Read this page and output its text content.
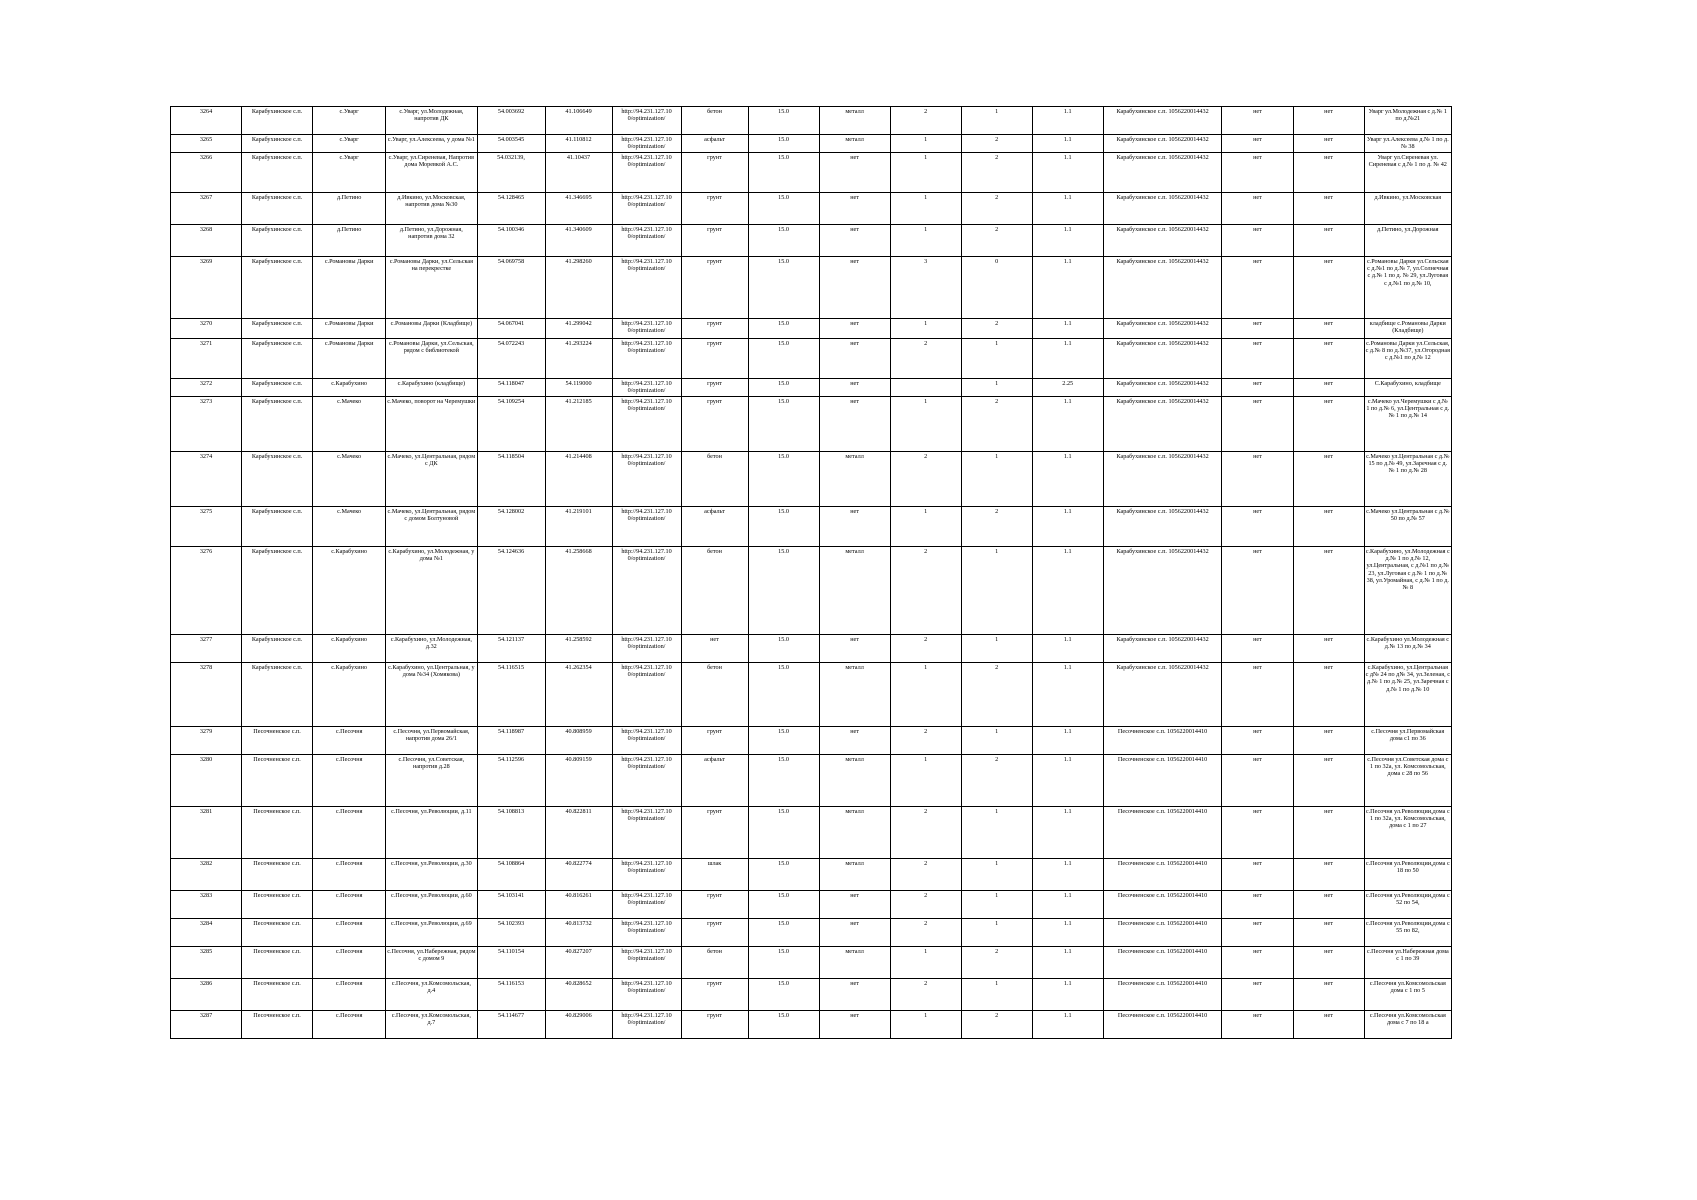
3264	Карабухинское с.п.	с.Уварг	с.Уварг, ул.Молодежная, напротив ДК	54.003692	41.106649	http://94.231.127.10 0/optimization/	бетон	15.0	металл	2	1	1.1	Карабухинское с.п. 1056220014432	нет	нет	Уварг ул.Молодежная с д.№ 1 по д.№21
3265	Карабухинское с.п.	с.Уварг	с.Уварг, ул.Алексеева, у дома №1	54.003545	41.110812	http://94.231.127.10 0/optimization/	асфальт	15.0	металл	1	2	1.1	Карабухинское с.п. 1056220014432	нет	нет	Уварг ул.Алексеева д.№ 1 по д.№ 38
3266	Карабухинское с.п.	с.Уварг	с.Уварг, ул.Сиреневая, Напротив дома Моревкой А.С.	54.032139,	41.10437	http://94.231.127.10 0/optimization/	грунт	15.0	нет	1	2	1.1	Карабухинское с.п. 1056220014432	нет	нет	Уварг ул.Сиреневая ул. Сиреневая с д.№ 1 по д. № 42
3267	Карабухинское с.п.	д.Петино	д.Ивкино, ул.Московская, напротив дома №30	54.128465	41.346695	http://94.231.127.10 0/optimization/	грунт	15.0	нет	1	2	1.1	Карабухинское с.п. 1056220014432	нет	нет	д.Ивкино, ул.Московская
3268	Карабухинское с.п.	д.Петино	д.Петино, ул.Дорожная, напротив дома 32	54.100346	41.340609	http://94.231.127.10 0/optimization/	грунт	15.0	нет	1	2	1.1	Карабухинское с.п. 1056220014432	нет	нет	д.Петино, ул.Дорожная
3269	Карабухинское с.п.	с.Романовы Дарки	с.Романовы Дарки, ул.Сельская на перекрестке	54.069758	41.298260	http://94.231.127.10 0/optimization/	грунт	15.0	нет	3	0	1.1	Карабухинское с.п. 1056220014432	нет	нет	с.Романовы Дарки ул.Сельская с д.№1 по д.№ 7, ул.Солнечная с д.№ 1 по д. № 29, ул.Луговая с д.№1 по д.№ 10,
3270	Карабухинское с.п.	с.Романовы Дарки	с.Романовы Дарки (Кладбище)	54.067041	41.299042	http://94.231.127.10 0/optimization/	грунт	15.0	нет	1	2	1.1	Карабухинское с.п. 1056220014432	нет	нет	кладбище с.Романовы Дарки (Кладбище)
3271	Карабухинское с.п.	с.Романовы Дарки	с.Романовы Дарки, ул.Сельская, рядом с библиотекой	54.072243	41.293224	http://94.231.127.10 0/optimization/	грунт	15.0	нет	2	1	1.1	Карабухинское с.п. 1056220014432	нет	нет	с.Романовы Дарки ул.Сельская, с д.№ 8 по д.№37, ул.Огородная с д.№1 по д.№ 12
3272	Карабухинское с.п.	с.Карабухино	с.Карабухино (кладбище)	54.118047	54.119000	http://94.231.127.10 0/optimization/	грунт	15.0	нет		1	2.25	Карабухинское с.п. 1056220014432	нет	нет	С.Карабухино, кладбище
3273	Карабухинское с.п.	с.Мачеко	с.Мачеко, поворот на Черемушки	54.109254	41.212185	http://94.231.127.10 0/optimization/	грунт	15.0	нет	1	2	1.1	Карабухинское с.п. 1056220014432	нет	нет	с.Мачеко ул.Черемушки с д.№ 1 по д.№ 6, ул.Центральная с д.№ 1 по д.№ 14
3274	Карабухинское с.п.	с.Мачеко	с.Мачеко, ул.Центральная, рядом с ДК	54.118504	41.214408	http://94.231.127.10 0/optimization/	бетон	15.0	металл	2	1	1.1	Карабухинское с.п. 1056220014432	нет	нет	с.Мачеко ул.Центральная с д.№ 15 по д.№ 49, ул.Заречная с д.№ 1 по д.№ 28
3275	Карабухинское с.п.	с.Мачеко	с.Мачеко, ул.Центральная, рядом с домом Болтуновой	54.128002	41.219101	http://94.231.127.10 0/optimization/	асфальт	15.0	нет	1	2	1.1	Карабухинское с.п. 1056220014432	нет	нет	с.Мачеко ул.Центральная с д.№ 50 по д.№ 57
3276	Карабухинское с.п.	с.Карабухино	с.Карабухино, ул.Молодежная, у дома №1	54.124636	41.258668	http://94.231.127.10 0/optimization/	бетон	15.0	металл	2	1	1.1	Карабухинское с.п. 1056220014432	нет	нет	с.Карабухино, ул.Молодежная с д.№ 1 по д.№ 12, ул.Центральная, с д.№1 по д.№ 23, ул.Луговая с д.№ 1 по д.№ 38, ул.Уромайная, с д.№ 1 по д.№ 8
3277	Карабухинское с.п.	с.Карабухино	с.Карабухино, ул.Молодежная, д.32	54.121137	41.258592	http://94.231.127.10 0/optimization/	нет	15.0	нет	2	1	1.1	Карабухинское с.п. 1056220014432	нет	нет	с.Карабухино ул.Молодежная с д.№ 13 по д.№ 34
3278	Карабухинское с.п.	с.Карабухино	с.Карабухино, ул.Центральная, у дома №34 (Хомякова)	54.116515	41.262354	http://94.231.127.10 0/optimization/	бетон	15.0	металл	1	2	1.1	Карабухинское с.п. 1056220014432	нет	нет	с.Карабухино, ул.Центральная с д№ 24 по д№ 34, ул.Зеленая, с д.№ 1 по д.№ 25, ул.Заречная с д.№ 1 по д.№ 10
3279	Песочненское с.п.	с.Песочня	с.Песочня, ул.Первомайская, напротив дома 26/1	54.118987	40.808959	http://94.231.127.10 0/optimization/	грунт	15.0	нет	2	1	1.1	Песочненское с.п. 1056220014410	нет	нет	с.Песочня ул.Первомайская дома с1 по 36
3280	Песочненское с.п.	с.Песочня	с.Песочня, ул.Советская, напротив д.28	54.112596	40.809159	http://94.231.127.10 0/optimization/	асфальт	15.0	металл	1	2	1.1	Песочненское с.п. 1056220014410	нет	нет	с.Песочня ул.Советская дома с 1 по 32а, ул. Комсомольская, дома с 28 по 56
3281	Песочненское с.п.	с.Песочня	с.Песочня, ул.Революции, д.11	54.108813	40.822811	http://94.231.127.10 0/optimization/	грунт	15.0	металл	2	1	1.1	Песочненское с.п. 1056220014410	нет	нет	с.Песочня ул.Революции,дома с 1 по 32а, ул. Комсомольская, дома с 1 по 27
3282	Песочненское с.п.	с.Песочня	с.Песочня, ул.Революции, д.30	54.108864	40.822774	http://94.231.127.10 0/optimization/	шлак	15.0	металл	2	1	1.1	Песочненское с.п. 1056220014410	нет	нет	с.Песочня ул.Революции,дома с 18 по 50
3283	Песочненское с.п.	с.Песочня	с.Песочня, ул.Революции, д.60	54.103141	40.816261	http://94.231.127.10 0/optimization/	грунт	15.0	нет	2	1	1.1	Песочненское с.п. 1056220014410	нет	нет	с.Песочня ул.Революции,дома с 52 по 54,
3284	Песочненское с.п.	с.Песочня	с.Песочня, ул.Революции, д.69	54.102393	40.813732	http://94.231.127.10 0/optimization/	грунт	15.0	нет	2	1	1.1	Песочненское с.п. 1056220014410	нет	нет	с.Песочня ул.Революции,дома с 55 по 82,
3285	Песочненское с.п.	с.Песочня	с.Песочня, ул.Набережная, рядом с домом 9	54.110154	40.827207	http://94.231.127.10 0/optimization/	бетон	15.0	металл	1	2	1.1	Песочненское с.п. 1056220014410	нет	нет	с.Песочня ул.Набережная дома с 1 по 39
3286	Песочненское с.п.	с.Песочня	с.Песочня, ул.Комсомольская, д.4	54.116153	40.828652	http://94.231.127.10 0/optimization/	грунт	15.0	нет	2	1	1.1	Песочненское с.п. 1056220014410	нет	нет	с.Песочня ул.Комсомольская дома с 1 по 5
3287	Песочненское с.п.	с.Песочня	с.Песочня, ул.Комсомольская, д.7	54.114677	40.829006	http://94.231.127.10 0/optimization/	грунт	15.0	нет	1	2	1.1	Песочненское с.п. 1056220014410	нет	нет	с.Песочня ул.Комсомольская дома с 7 по 18 а
